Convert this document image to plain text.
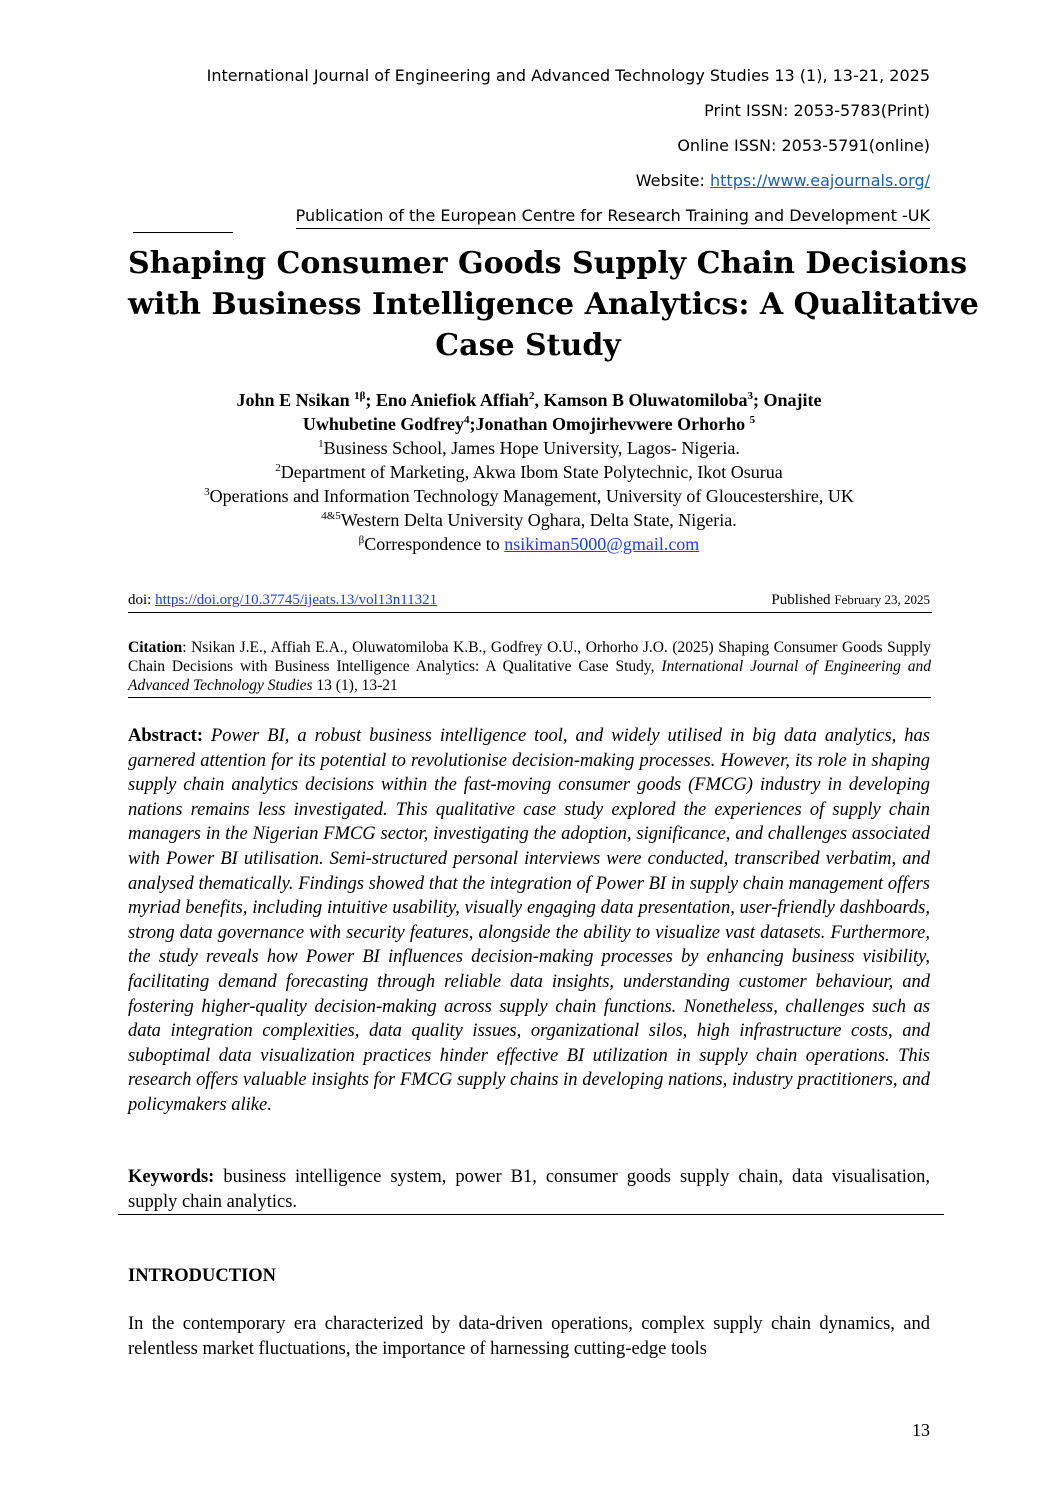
International Journal of Engineering and Advanced Technology Studies 13 (1), 13-21, 2025
Print ISSN: 2053-5783(Print)
Online ISSN: 2053-5791(online)
Website: https://www.eajournals.org/
Publication of the European Centre for Research Training and Development -UK
Shaping Consumer Goods Supply Chain Decisions
with Business Intelligence Analytics: A Qualitative
Case Study
John E Nsikan $^{1\beta}$; Eno Aniefiok Affiah$^2$, Kamson B Oluwatomiloba$^3$; Onajite
Uwhubetine Godfrey$^4$;Jonathan Omojirhevwere Orhorho $^5$
$^1$Business School, James Hope University, Lagos- Nigeria.
$^2$Department of Marketing, Akwa Ibom State Polytechnic, Ikot Osurua
$^3$Operations and Information Technology Management, University of Gloucestershire, UK
$^{4\&5}$Western Delta University Oghara, Delta State, Nigeria.
$^\beta$Correspondence to nsikiman5000@gmail.com
doi: https://doi.org/10.37745/ijeats.13/vol13n11321	Published February 23, 2025
Citation: Nsikan J.E., Affiah E.A., Oluwatomiloba K.B., Godfrey O.U., Orhorho J.O. (2025) Shaping Consumer Goods Supply Chain Decisions with Business Intelligence Analytics: A Qualitative Case Study, International Journal of Engineering and Advanced Technology Studies 13 (1), 13-21
Abstract: Power BI, a robust business intelligence tool, and widely utilised in big data analytics, has garnered attention for its potential to revolutionise decision-making processes. However, its role in shaping supply chain analytics decisions within the fast-moving consumer goods (FMCG) industry in developing nations remains less investigated. This qualitative case study explored the experiences of supply chain managers in the Nigerian FMCG sector, investigating the adoption, significance, and challenges associated with Power BI utilisation. Semi-structured personal interviews were conducted, transcribed verbatim, and analysed thematically. Findings showed that the integration of Power BI in supply chain management offers myriad benefits, including intuitive usability, visually engaging data presentation, user-friendly dashboards, strong data governance with security features, alongside the ability to visualize vast datasets. Furthermore, the study reveals how Power BI influences decision-making processes by enhancing business visibility, facilitating demand forecasting through reliable data insights, understanding customer behaviour, and fostering higher-quality decision-making across supply chain functions. Nonetheless, challenges such as data integration complexities, data quality issues, organizational silos, high infrastructure costs, and suboptimal data visualization practices hinder effective BI utilization in supply chain operations. This research offers valuable insights for FMCG supply chains in developing nations, industry practitioners, and policymakers alike.
Keywords: business intelligence system, power B1, consumer goods supply chain, data visualisation, supply chain analytics.
INTRODUCTION
In the contemporary era characterized by data-driven operations, complex supply chain dynamics, and relentless market fluctuations, the importance of harnessing cutting-edge tools
13
